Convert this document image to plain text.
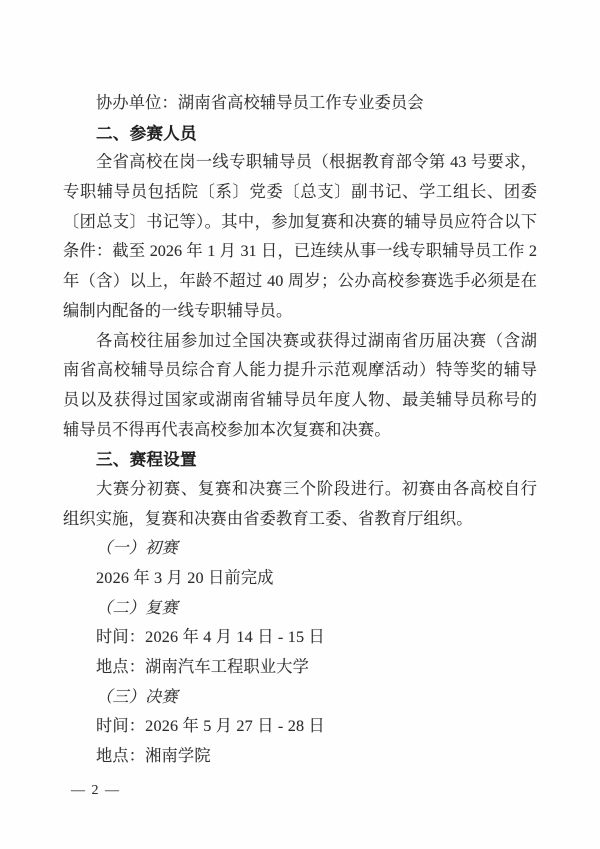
协办单位：湖南省高校辅导员工作专业委员会
二、参赛人员
全省高校在岗一线专职辅导员（根据教育部令第 43 号要求，
专职辅导员包括院〔系〕党委〔总支〕副书记、学工组长、团委
〔团总支〕书记等）。其中，参加复赛和决赛的辅导员应符合以下
条件：截至 2026 年 1 月 31 日，已连续从事一线专职辅导员工作 2
年（含）以上，年龄不超过 40 周岁；公办高校参赛选手必须是在
编制内配备的一线专职辅导员。
各高校往届参加过全国决赛或获得过湖南省历届决赛（含湖
南省高校辅导员综合育人能力提升示范观摩活动）特等奖的辅导
员以及获得过国家或湖南省辅导员年度人物、最美辅导员称号的
辅导员不得再代表高校参加本次复赛和决赛。
三、赛程设置
大赛分初赛、复赛和决赛三个阶段进行。初赛由各高校自行
组织实施，复赛和决赛由省委教育工委、省教育厅组织。
（一）初赛
2026 年 3 月 20 日前完成
（二）复赛
时间：2026 年 4 月 14 日 - 15 日
地点：湖南汽车工程职业大学
（三）决赛
时间：2026 年 5 月 27 日 - 28 日
地点：湘南学院
— 2 —
